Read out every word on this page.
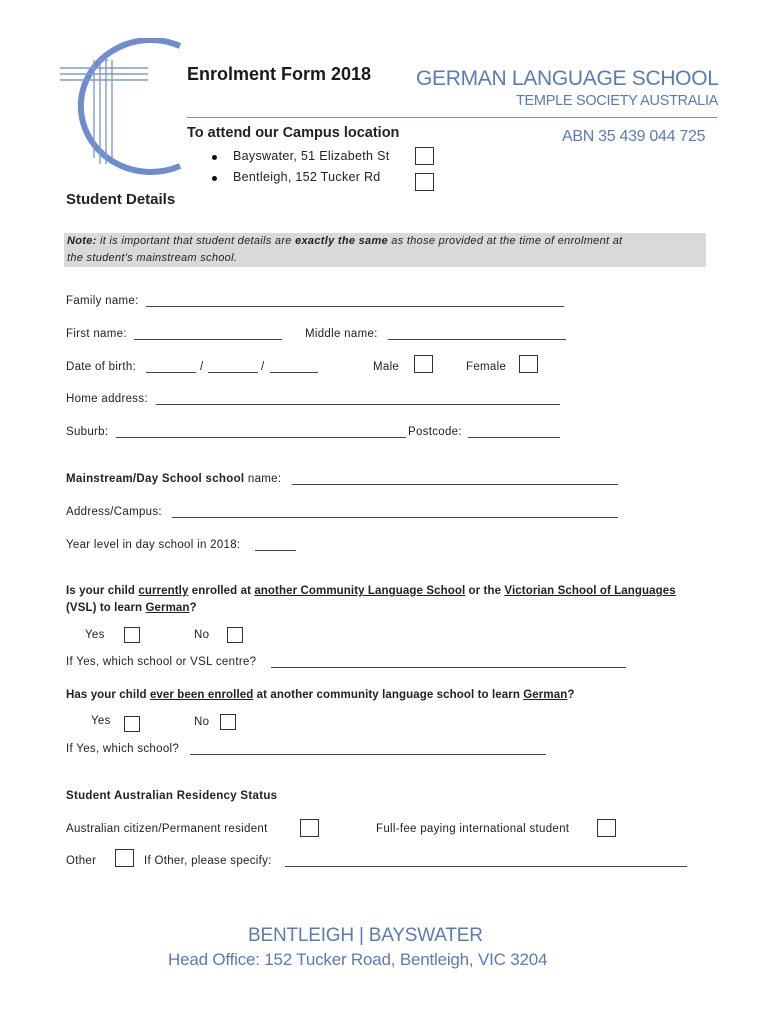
Enrolment Form 2018 GERMAN LANGUAGE SCHOOL
TEMPLE SOCIETY AUSTRALIA
To attend our Campus location	ABN 35 439 044 725
Bayswater, 51 Elizabeth St
Bentleigh, 152 Tucker Rd
Student Details
Note: it is important that student details are exactly the same as those provided at the time of enrolment at
the student’s mainstream school.
Family name:
First name:	Middle name:
Date of birth:	/	/	Male	Female
Home address:
Suburb:	Postcode:
Mainstream/Day School school name:
Address/Campus:
Year level in day school in 2018:
Is your child currently enrolled at another Community Language School or the Victorian School of Languages
(VSL) to learn German?
Yes	No
If Yes, which school or VSL centre?
Has your child ever been enrolled at another community language school to learn German?
Yes	No
If Yes, which school?
Student Australian Residency Status
Australian citizen/Permanent resident	Full-fee paying international student
Other	If Other, please specify:
BENTLEIGH | BAYSWATER
Head Office: 152 Tucker Road, Bentleigh, VIC 3204
